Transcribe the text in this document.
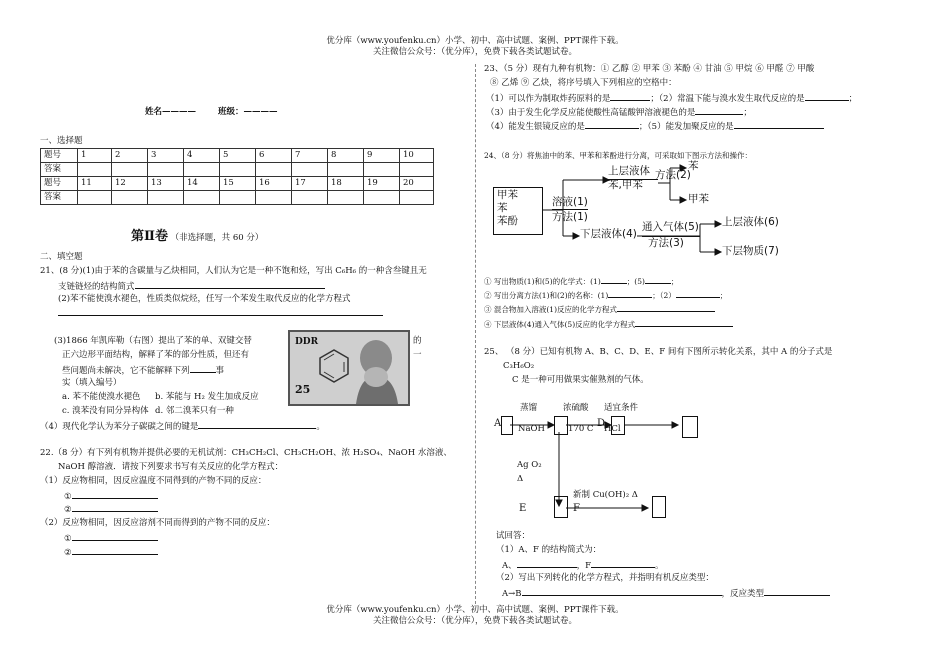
优分库（www.youfenku.cn）小学、初中、高中试题、案例、PPT课件下载。
关注微信公众号：（优分库），免费下载各类试题试卷。
优分库（www.youfenku.cn）小学、初中、高中试题、案例、PPT课件下载。
关注微信公众号：（优分库），免费下载各类试题试卷。
姓名————	班级：————
一、选择题
题号	1	2	3	4	5	6	7	8	9	10
答案										
题号	11	12	13	14	15	16	17	18	19	20
答案										
第Ⅱ卷 （非选择题，共 60 分）
二、填空题
21、(8 分)(1)由于苯的含碳量与乙炔相同，人们认为它是一种不饱和烃，写出 C₆H₆ 的一种含叁键且无
支链链烃的结构简式
(2)苯不能使溴水褪色，性质类似烷烃，任写一个苯发生取代反应的化学方程式
(3)1866 年凯库勒（右图）提出了苯的单、双键交替	的
正六边形平面结构，解释了苯的部分性质，但还有	一
些问题尚未解决，它不能解释下列	事
实（填入编号）
a. 苯不能使溴水褪色 b. 苯能与 H₂ 发生加成反应
c. 溴苯没有同分异构体 d. 邻二溴苯只有一种
（4）现代化学认为苯分子碳碳之间的键是	。
DDR
25
22.（8 分）有下列有机物并提供必要的无机试剂：CH₃CH₂Cl、CH₃CH₂OH、浓 H₂SO₄、NaOH 水溶液、
NaOH 醇溶液．请按下列要求书写有关反应的化学方程式：
（1）反应物相同，因反应温度不同得到的产物不同的反应：
①
②
（2）反应物相同，因反应溶剂不同而得到的产物不同的反应：
①
②
23、（5 分）现有九种有机物：① 乙醇 ② 甲苯 ③ 苯酚 ④ 甘油 ⑤ 甲烷 ⑥ 甲醛 ⑦ 甲酸
⑧ 乙烯 ⑨ 乙炔，将序号填入下列相应的空格中：
（1）可以作为制取炸药原料的是	；（2）常温下能与溴水发生取代反应的是	；
（3）由于发生化学反应能使酸性高锰酸钾溶液褪色的是	；
（4）能发生银镜反应的是	；（5）能发加聚反应的是
24、（8 分）将焦油中的苯、甲苯和苯酚进行分离，可采取如下图示方法和操作：
甲苯
苯
苯酚
溶液(1)
方法(1)
上层液体
苯,甲苯
方法(2)
苯
甲苯
下层液体(4)
通入气体(5)
方法(3)
上层液体(6)
下层物质(7)
① 写出物质(1)和(5)的化学式：(1)	；(5)	；
② 写出分离方法(1)和(2)的名称：(1)	；（2）	；
③ 混合物加入溶液(1)反应的化学方程式
④ 下层液体(4)通入气体(5)反应的化学方程式
25、 （8 分）已知有机物 A、B、C、D、E、F 间有下图所示转化关系，其中 A 的分子式是
C₃H₆O₂
C 是一种可用做果实催熟剂的气体。
蒸馏	浓硫酸 适宜条件
A NaOH	170 C D
HCl
Ag O₂
Δ
E
新制 Cu(OH)₂ Δ
F
试回答：
（1）A、F 的结构简式为：
A、	，F	。
（2）写出下列转化的化学方程式，并指明有机反应类型：
A→B	，反应类型
